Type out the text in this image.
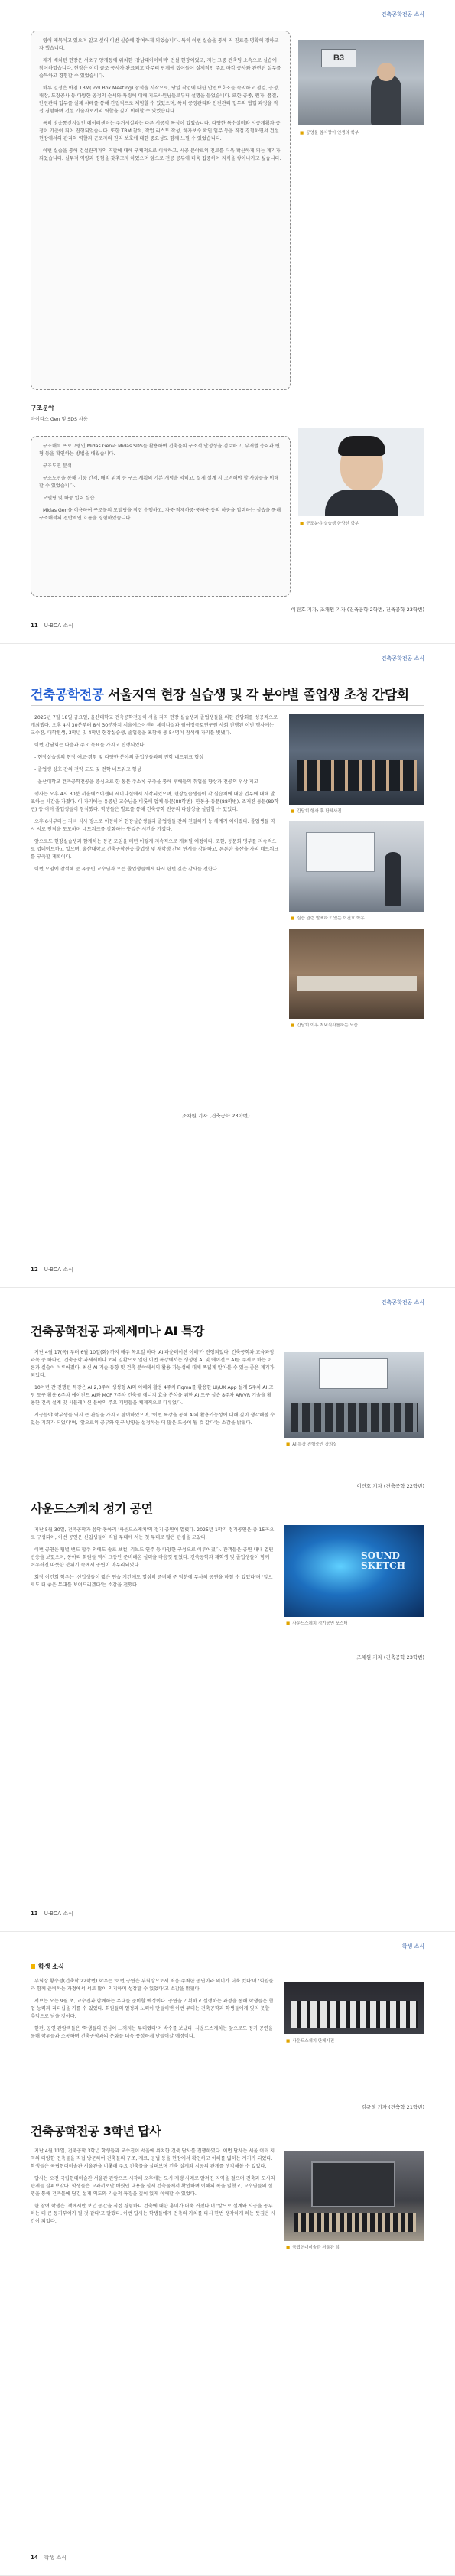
건축공학전공 소식

영어 제목이고 있으며 알고 싶어 이번 실습에 참여하게 되었습니다. 특히 이번 실습을 통해 저 진로를 명확히 정하고자 했습니다.

제가 배치된 현장은 서초구 양재동에 위치한 '강남대아이비비' 건설 현장이었고, 저는 그중 건축팀 소속으로 실습에 참여하였습니다. 현장은 이미 골조 공사가 완료되고 마무리 단계에 접어들어 실제적인 주요 마감 공사와 관련된 실무를 습득하고 경험할 수 있었습니다.

하루 일정은 아침 TBM(Tool Box Meeting) 참석을 시작으로, 당일 작업에 대한 안전보호조를 숙지하고 점검, 공정, 내장, 도장공사 등 다양한 공정의 순서와 특징에 대해 지도사원님들로부터 설명을 들었습니다. 또한 공종, 원가, 품질, 안전관리 업무를 실제 사례를 통해 간접적으로 체험할 수 있었으며, 특히 공정관리와 안전관리 업무의 협업 과정을 직접 경험하며 건설 기술자로서의 역할을 깊이 이해할 수 있었습니다.

특히 방송통신시설인 데이터센터는 주거시설과는 다른 시공적 특성이 있었습니다. 다양한 특수설비와 시공계획과 공정이 기준이 되어 진행되었습니다. 또한 TBM 참석, 작업 리스트 작성, 하자보수 확인 업무 등을 직접 경험하면서 건설 현장에서의 관리의 역할과 근로자의 권리 보호에 대한 중요성도 함께 느낄 수 있었습니다.

이번 실습을 통해 건설관리자의 역할에 대해 구체적으로 이해하고, 시공 분야로의 진로를 더욱 확신하게 되는 계기가 되었습니다. 실무적 역량과 경험을 갖추고자 하였으며 앞으로 전공 공부에 더욱 집중하여 지식을 쌓아나가고 싶습니다.

B3
■ 공영불 참사랑이 인생의 학부
구조분야
마이다스 Gen 및 SDS 사용

구조해석 프로그램인 Midas Gen과 Midas SDS를 활용하여 건축물의 구조적 안정성을 검토하고, 부재별 응력과 변형 등을 확인하는 방법을 배웠습니다.

구조도면 분석

구조도면을 통해 기둥 간격, 배치 위치 등 구조 계획의 기본 개념을 익히고, 실제 설계 시 고려해야 할 사항들을 이해할 수 있었습니다.

모델링 및 하중 입력 실습

Midas Gen을 이용하여 구조물의 모델링을 직접 수행하고, 자중·적재하중·풍하중 등의 하중을 입력하는 실습을 통해 구조해석의 전반적인 흐름을 경험하였습니다.

■ 구조분야 실습생 한양선 학부
이건호 기자, 조채원 기자 (건축공학 2학번, 건축공학 23학번)
11 U-BOA 소식
건축공학전공 소식
건축공학전공 서울지역 현장 실습생 및 각 분야별 졸업생 초청 간담회

2025년 7월 18일 금요일, 울산대학교 건축공학전공이 서울 지역 현장 실습생과 졸업생들을 위한 간담회를 성공적으로 개최했다. 오후 4시 30분부터 8시 30분까지 서울에스이센터 세미나실과 월여정국토연구원 사회 진행된 이번 행사에는 교수진, 대학원생, 3학년 및 4학년 현장실습생, 졸업생을 포함해 총 54명이 참석해 자리를 빛냈다.

이번 간담회는 다음과 주요 목표를 가지고 진행되었다:

- 현장실습생의 현장 애로·경험 및 다양한 분야의 졸업생들과의 진학 네트워크 형성

- 졸업생 상호 간의 전략 도모 및 전학 네트워크 형성

- 울산대학교 건축공학전공을 중심으로 한 동문 주소록 구축을 통해 후배들의 취업을 향상과 전공의 위상 제고

행사는 오후 4시 30분 서울에스이센터 세미나실에서 시작되었으며, 현장실습생들이 각 실습처에 대한 업무에 대해 발표하는 시간을 가졌다. 이 자리에는 유중빈 교수님을 비롯해 업체 동문(88학번), 한동용 동문(88학번), 조재진 동문(89학번) 등 여러 졸업생들이 참석했다. 학생들은 발표를 통해 건축공학 전공의 다양성을 실감할 수 있었다.

오후 6시부터는 저녁 식사 장소로 이동하여 현장실습생들과 졸업생들 간의 친밀하기 능 체계가 이어졌다. 졸업생들 역시 서로 인적을 도모하며 네트워크를 강화하는 뜻깊은 시간을 가졌다.

앞으로도 현장실습생과 함께하는 동문 모임을 매년 어떻게 지속적으로 개최될 예정이다. 또한, 동문회 명부를 지속적으로 업데이트하고 있으며, 울산대학교 건축공학전공 졸업생 및 재학생 간의 연계를 강화하고, 튼튼한 울산을 자의 네트워크를 구축할 계획이다.

이번 모임에 참석해 준 유중빈 교수님과 모든 졸업생들에게 다시 한번 깊은 감사를 전한다.

■ 간담회 행사 후 단체사진
■ 실습 관련 발표하고 있는 이건호 학우
■ 간담회 이후 저녁식사를하는 모습
조채원 기자 (건축공학 23학번)
12 U-BOA 소식
건축공학전공 소식
건축공학전공 과제세미나 AI 특강

지난 4월 17(목) 부터 6월 10일(화) 까지 매주 목요일 마다 'AI 파운데이션 이해'가 진행되었다. 건축공학과 교육과정 과목 중 하나인 '건축공학 과제세미나 2'의 일환으로 열린 이번 특강에서는 생성형 AI 및 에이전트 AI를 주제로 하는 이론과 실습이 이루어졌다. 최신 AI 기술 동향 및 건축 분야에서의 활용 가능성에 대해 폭넓게 알아볼 수 있는 좋은 계기가 되었다.

10여년 간 진행된 특강은 AI 2,3주차 생성형 AI의 이해와 활용 4주차 Figma를 활용한 UI/UX App 설계 5주차 AI 코딩 도구 활용 6주차 에이전트 AI와 MCP 7주차 건축물 에너지 효율 분석을 위한 AI 도구 실습 8주차 AR/VR 기술을 활용한 건축 설계 및 시뮬레이션 분야의 주요 개념들을 체계적으로 다루었다.

시공분야 학부생들 역시 큰 관심을 가지고 참여하였으며, '이번 특강을 통해 AI의 활용가능성에 대해 깊이 생각해볼 수 있는 기회가 되었다'며, '앞으로의 공부와 연구 방향을 설정하는 데 많은 도움이 될 것 같다'는 소감을 밝혔다.

■ AI 특강 진행중인 강의실
이건호 기자 (건축공학 22학번)
사운드스케치 정기 공연

지난 5월 30일, 건축공학과 음악 동아리 '사운드스케치'의 정기 공연이 열렸다. 2025년 1학기 정기공연은 총 15곡으로 구성되어, 이번 공연은 신입생들이 직접 무대에 서는 첫 무대로 많은 관심을 모았다.

이번 공연은 팀별 밴드 합주 외에도 솔로 보컬, 키보드 연주 등 다양한 구성으로 이루어졌다. 관객들은 공연 내내 열띤 반응을 보였으며, 동아리 회원들 역시 그동안 준비해온 실력을 마음껏 펼쳤다. 건축공학과 재학생 및 졸업생들이 함께 어우러진 따뜻한 분위기 속에서 공연이 마무리되었다.

회장 이건희 학우는 '신입생들이 짧은 연습 기간에도 열심히 준비해 준 덕분에 무사히 공연을 마칠 수 있었다'며 '앞으로도 더 좋은 무대를 보여드리겠다'는 소감을 전했다.

SOUND
SKETCH
■ 사운드스케치 정기공연 포스터
조채원 기자 (건축공학 23학번)
13 U-BOA 소식
학생 소식
학생 소식

부회장 황수성(건축학 22학번) 학우는 '이번 공연은 부회장으로서 처음 주최한 공연이라 의미가 더욱 컸다'며 '회원들과 함께 준비하는 과정에서 서로 많이 의지하며 성장할 수 있었다'고 소감을 밝혔다.

서브는 오는 9월 초, 교수진과 함께하는 무대를 준비할 예정이다. 공연을 기획하고 실행하는 과정을 통해 학생들은 협업 능력과 리더십을 기를 수 있었다. 회원들의 열정과 노력이 만들어낸 이번 무대는 건축공학과 학생들에게 잊지 못할 추억으로 남을 것이다.

한편, 공연 관람객들은 '학생들의 진심이 느껴지는 무대였다'며 박수를 보냈다. 사운드스케치는 앞으로도 정기 공연을 통해 학우들과 소통하며 건축공학과의 문화를 더욱 풍성하게 만들어갈 예정이다.

■ 사운드스케치 단체사진
김규영 기자 (건축학 21학번)
건축공학전공 3학년 답사

지난 4월 11일, 건축공학 3학년 학생들과 교수진이 서울에 위치한 건축 답사를 진행하였다. 이번 답사는 서울 여러 지역의 다양한 건축물을 직접 방문하여 건축물의 구조, 재료, 공법 등을 현장에서 확인하고 이해를 넓히는 계기가 되었다. 학생들은 국립현대미술관 서울관을 비롯해 주요 건축물을 살펴보며 건축 설계와 시공의 관계를 생각해볼 수 있었다.

답사는 오전 국립현대미술관 서울관 관람으로 시작해 오후에는 도시 재생 사례로 알려진 지역을 걸으며 건축과 도시의 관계를 살펴보았다. 학생들은 교과서로만 배웠던 내용을 실제 건축물에서 확인하며 이해의 폭을 넓혔고, 교수님들의 설명을 통해 건축물에 담긴 설계 의도와 기술적 특징을 깊이 있게 이해할 수 있었다.

한 참여 학생은 '책에서만 보던 공간을 직접 경험하니 건축에 대한 흥미가 더욱 커졌다'며 '앞으로 설계와 시공을 공부하는 데 큰 동기부여가 될 것 같다'고 말했다. 이번 답사는 학생들에게 건축의 가치를 다시 한번 생각하게 하는 뜻깊은 시간이 되었다.

■ 국립현대미술관 서울관 앞
14 학생 소식
